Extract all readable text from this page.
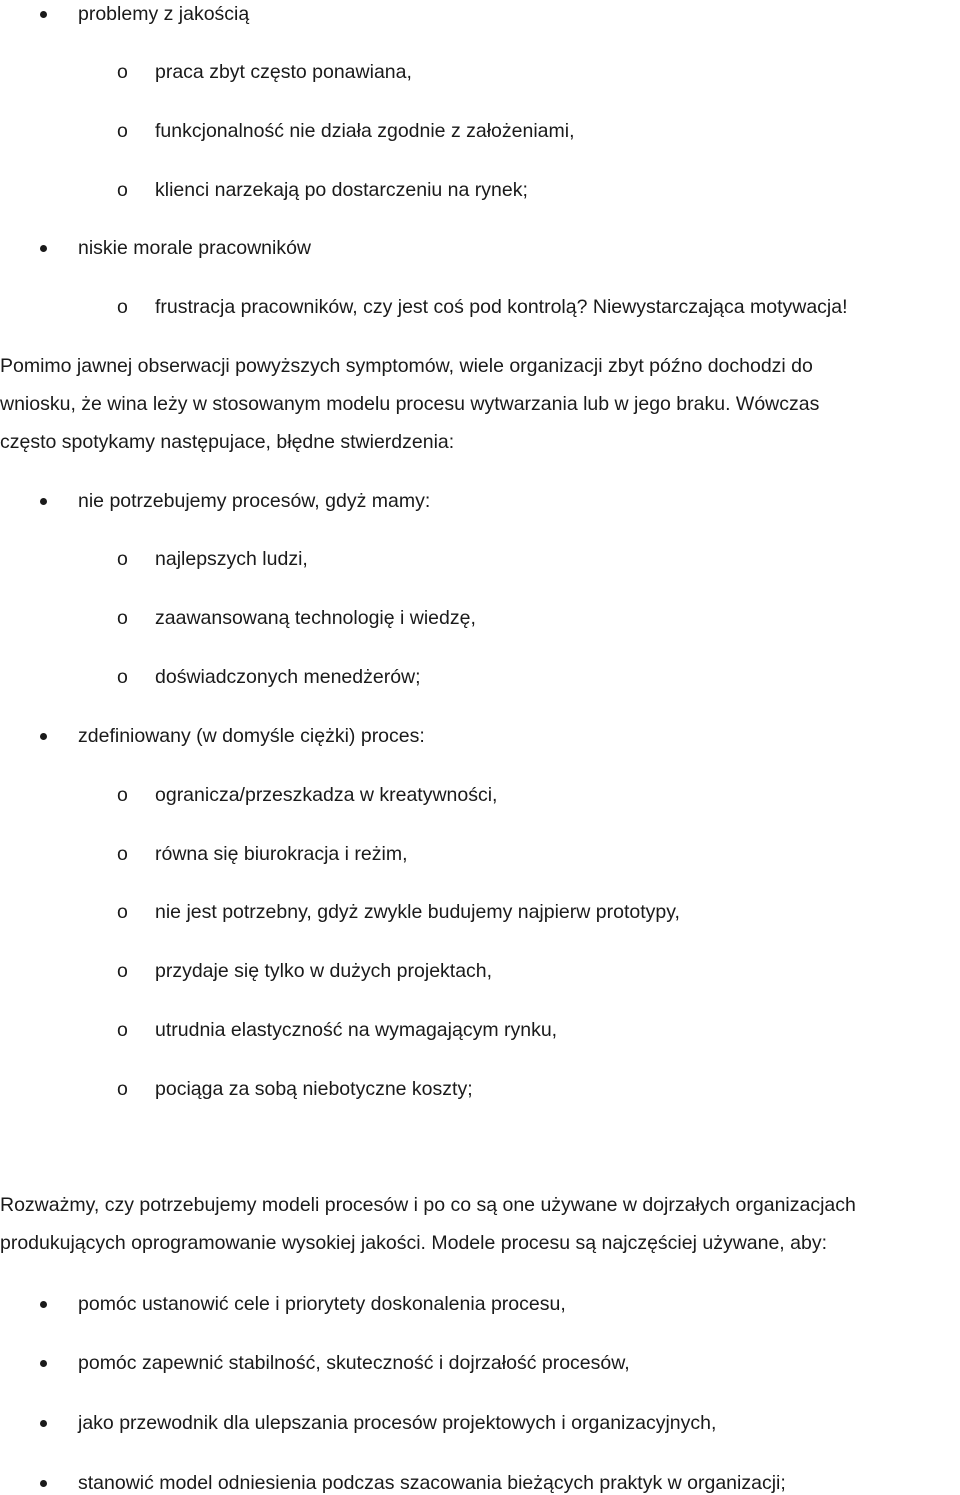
problemy z jakością
o praca zbyt często ponawiana,
o funkcjonalność nie działa zgodnie z założeniami,
o klienci narzekają po dostarczeniu na rynek;
niskie morale pracowników
o frustracja pracowników, czy jest coś pod kontrolą? Niewystarczająca motywacja!
Pomimo jawnej obserwacji powyższych symptomów, wiele organizacji zbyt późno dochodzi do
wniosku, że wina leży w stosowanym modelu procesu wytwarzania lub w jego braku. Wówczas
często spotykamy następujace, błędne stwierdzenia:
nie potrzebujemy procesów, gdyż mamy:
o najlepszych ludzi,
o zaawansowaną technologię i wiedzę,
o doświadczonych menedżerów;
zdefiniowany (w domyśle ciężki) proces:
o ogranicza/przeszkadza w kreatywności,
o równa się biurokracja i reżim,
o nie jest potrzebny, gdyż zwykle budujemy najpierw prototypy,
o przydaje się tylko w dużych projektach,
o utrudnia elastyczność na wymagającym rynku,
o pociąga za sobą niebotyczne koszty;
Rozważmy, czy potrzebujemy modeli procesów i po co są one używane w dojrzałych organizacjach
produkujących oprogramowanie wysokiej jakości. Modele procesu są najczęściej używane, aby:
pomóc ustanowić cele i priorytety doskonalenia procesu,
pomóc zapewnić stabilność, skuteczność i dojrzałość procesów,
jako przewodnik dla ulepszania procesów projektowych i organizacyjnych,
stanowić model odniesienia podczas szacowania bieżących praktyk w organizacji;
